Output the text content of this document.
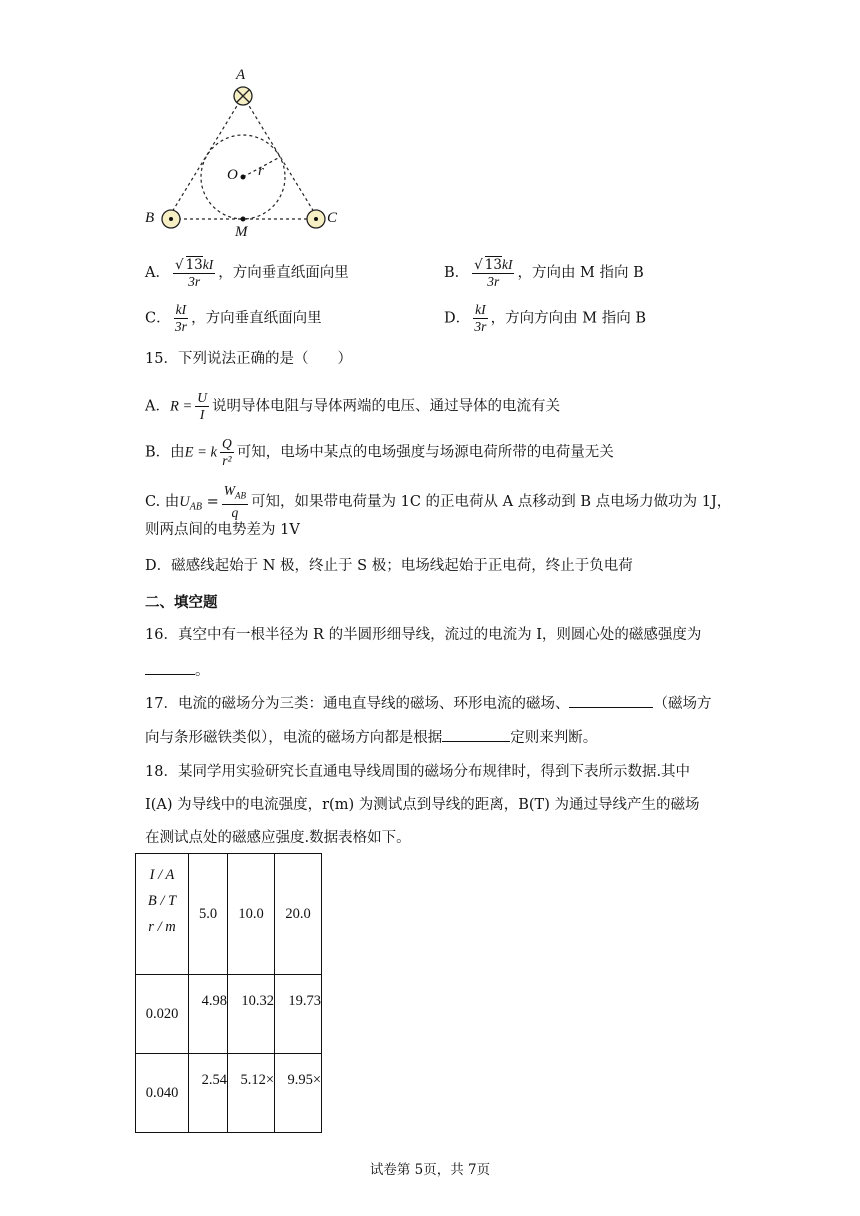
A
B	C
O r
M
A． $\frac{√ 13kI}{3r}$ ，方向垂直纸面向里	B． $\frac{√ 13kI}{3r}$ ，方向由 M 指向 B
C． $\frac{kI}{3r}$ ，方向垂直纸面向里	D． $\frac{kI}{3r}$ ，方向方向由 M 指向 B
15．下列说法正确的是（　　）
A．$R = \frac{U}{I}$ 说明导体电阻与导体两端的电压、通过导体的电流有关
B．由E = k $\frac{Q}{\text{r²}}$ 可知，电场中某点的电场强度与场源电荷所带的电荷量无关
C. 由$U_{AB} = \frac{W_{AB}}{q}$ 可知，如果带电荷量为 1C 的正电荷从 A 点移动到 B 点电场力做功为 1J，
则两点间的电势差为 1V
D．磁感线起始于 N 极，终止于 S 极；电场线起始于正电荷，终止于负电荷
二、填空题
16．真空中有一根半径为 R 的半圆形细导线，流过的电流为 I，则圆心处的磁感强度为
。
17．电流的磁场分为三类：通电直导线的磁场、环形电流的磁场、	（磁场方
向与条形磁铁类似），电流的磁场方向都是根据	定则来判断。
18．某同学用实验研究长直通电导线周围的磁场分布规律时，得到下表所示数据.其中
I(A) 为导线中的电流强度，r(m) 为测试点到导线的距离，B(T) 为通过导线产生的磁场
在测试点处的磁感应强度.数据表格如下。
I / A
B / T
r / m	5.0	10.0	20.0
0.020	4.98	10.32	19.73
0.040	2.54	5.12×	9.95×
试卷第 5页，共 7页
